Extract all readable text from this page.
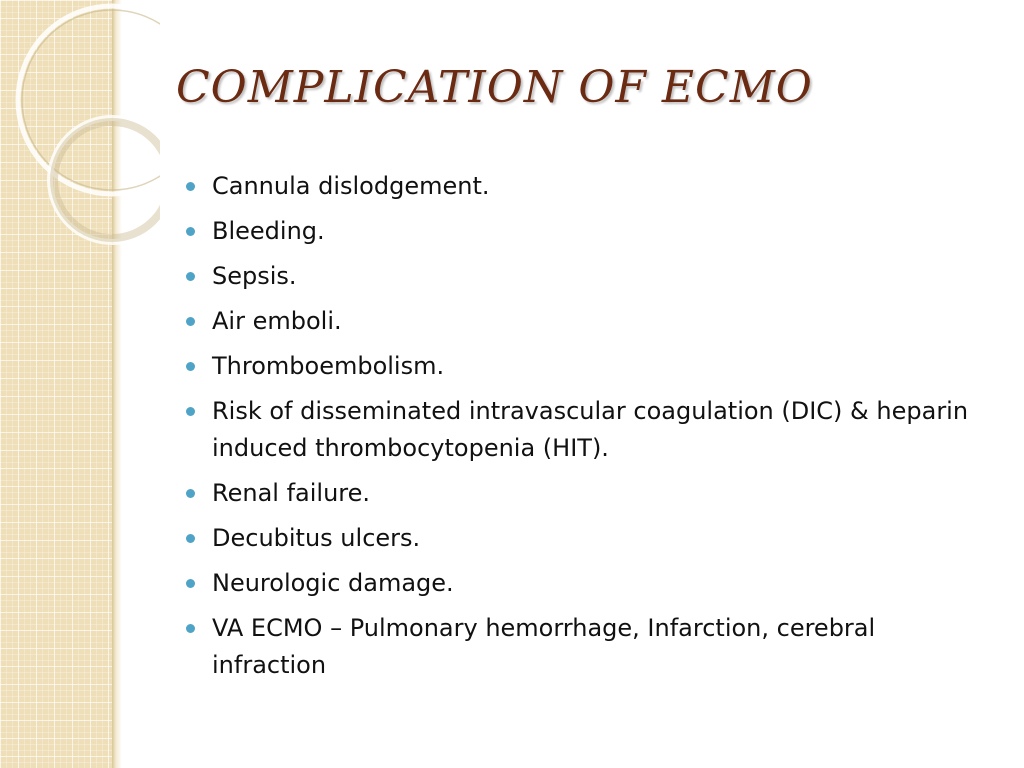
COMPLICATION OF ECMO
Cannula dislodgement.
Bleeding.
Sepsis.
Air emboli.
Thromboembolism.
Risk of disseminated intravascular coagulation (DIC) & heparin induced thrombocytopenia (HIT).
Renal failure.
Decubitus ulcers.
Neurologic damage.
VA ECMO – Pulmonary hemorrhage, Infarction, cerebral infraction
